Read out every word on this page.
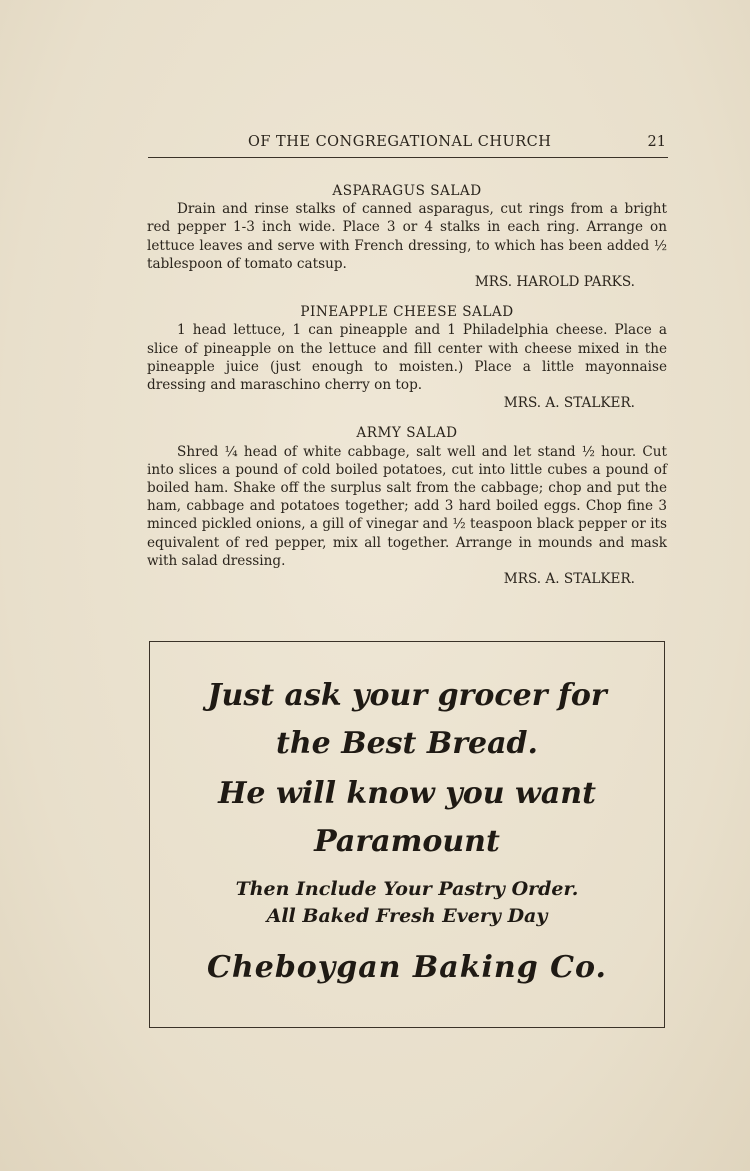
OF THE CONGREGATIONAL CHURCH	21
ASPARAGUS SALAD

Drain and rinse stalks of canned asparagus, cut rings from a bright red pepper 1-3 inch wide. Place 3 or 4 stalks in each ring. Arrange on lettuce leaves and serve with French dressing, to which has been added ½ tablespoon of tomato catsup.

MRS. HAROLD PARKS.

PINEAPPLE CHEESE SALAD

1 head lettuce, 1 can pineapple and 1 Philadelphia cheese. Place a slice of pineapple on the lettuce and fill center with cheese mixed in the pineapple juice (just enough to moisten.) Place a little mayonnaise dressing and maraschino cherry on top.

MRS. A. STALKER.

ARMY SALAD

Shred ¼ head of white cabbage, salt well and let stand ½ hour. Cut into slices a pound of cold boiled potatoes, cut into little cubes a pound of boiled ham. Shake off the surplus salt from the cabbage; chop and put the ham, cabbage and potatoes together; add 3 hard boiled eggs. Chop fine 3 minced pickled onions, a gill of vinegar and ½ teaspoon black pepper or its equivalent of red pepper, mix all together. Arrange in mounds and mask with salad dressing.

MRS. A. STALKER.

Just ask your grocer for
the Best Bread.
He will know you want
Paramount
Then Include Your Pastry Order.
All Baked Fresh Every Day
Cheboygan Baking Co.
